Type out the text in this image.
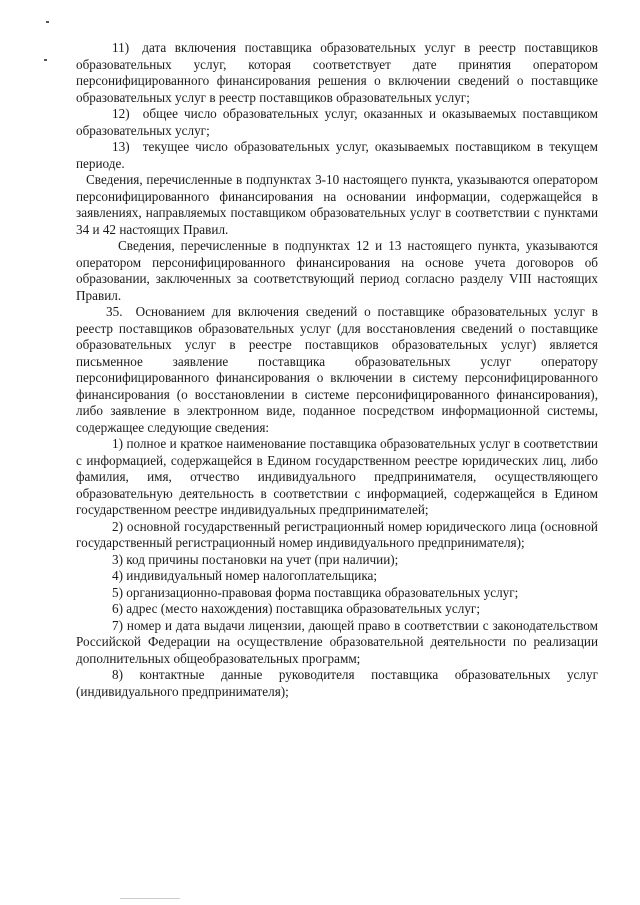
11) дата включения поставщика образовательных услуг в реестр поставщиков образовательных услуг, которая соответствует дате принятия оператором персонифицированного финансирования решения о включении сведений о поставщике образовательных услуг в реестр поставщиков образовательных услуг;

12) общее число образовательных услуг, оказанных и оказываемых поставщиком образовательных услуг;

13) текущее число образовательных услуг, оказываемых поставщиком в текущем периоде.

Сведения, перечисленные в подпунктах 3-10 настоящего пункта, указываются оператором персонифицированного финансирования на основании информации, содержащейся в заявлениях, направляемых поставщиком образовательных услуг в соответствии с пунктами 34 и 42 настоящих Правил.

Сведения, перечисленные в подпунктах 12 и 13 настоящего пункта, указываются оператором персонифицированного финансирования на основе учета договоров об образовании, заключенных за соответствующий период согласно разделу VIII настоящих Правил.

35. Основанием для включения сведений о поставщике образовательных услуг в реестр поставщиков образовательных услуг (для восстановления сведений о поставщике образовательных услуг в реестре поставщиков образовательных услуг) является письменное заявление поставщика образовательных услуг оператору персонифицированного финансирования о включении в систему персонифицированного финансирования (о восстановлении в системе персонифицированного финансирования), либо заявление в электронном виде, поданное посредством информационной системы, содержащее следующие сведения:

1) полное и краткое наименование поставщика образовательных услуг в соответствии с информацией, содержащейся в Едином государственном реестре юридических лиц, либо фамилия, имя, отчество индивидуального предпринимателя, осуществляющего образовательную деятельность в соответствии с информацией, содержащейся в Едином государственном реестре индивидуальных предпринимателей;

2) основной государственный регистрационный номер юридического лица (основной государственный регистрационный номер индивидуального предпринимателя);

3) код причины постановки на учет (при наличии);

4) индивидуальный номер налогоплательщика;

5) организационно-правовая форма поставщика образовательных услуг;

6) адрес (место нахождения) поставщика образовательных услуг;

7) номер и дата выдачи лицензии, дающей право в соответствии с законодательством Российской Федерации на осуществление образовательной деятельности по реализации дополнительных общеобразовательных программ;

8) контактные данные руководителя поставщика образовательных услуг (индивидуального предпринимателя);
